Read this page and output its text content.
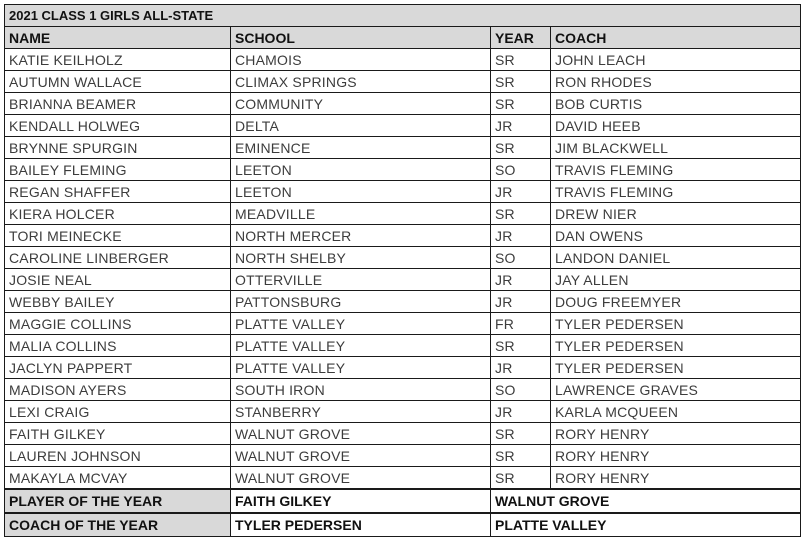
2021 CLASS 1 GIRLS ALL-STATE			
NAME	SCHOOL	YEAR	COACH
KATIE KEILHOLZ	CHAMOIS	SR	JOHN LEACH
AUTUMN WALLACE	CLIMAX SPRINGS	SR	RON RHODES
BRIANNA BEAMER	COMMUNITY	SR	BOB CURTIS
KENDALL HOLWEG	DELTA	JR	DAVID HEEB
BRYNNE SPURGIN	EMINENCE	SR	JIM BLACKWELL
BAILEY FLEMING	LEETON	SO	TRAVIS FLEMING
REGAN SHAFFER	LEETON	JR	TRAVIS FLEMING
KIERA HOLCER	MEADVILLE	SR	DREW NIER
TORI MEINECKE	NORTH MERCER	JR	DAN OWENS
CAROLINE LINBERGER	NORTH SHELBY	SO	LANDON DANIEL
JOSIE NEAL	OTTERVILLE	JR	JAY ALLEN
WEBBY BAILEY	PATTONSBURG	JR	DOUG FREEMYER
MAGGIE COLLINS	PLATTE VALLEY	FR	TYLER PEDERSEN
MALIA COLLINS	PLATTE VALLEY	SR	TYLER PEDERSEN
JACLYN PAPPERT	PLATTE VALLEY	JR	TYLER PEDERSEN
MADISON AYERS	SOUTH IRON	SO	LAWRENCE GRAVES
LEXI CRAIG	STANBERRY	JR	KARLA MCQUEEN
FAITH GILKEY	WALNUT GROVE	SR	RORY HENRY
LAUREN JOHNSON	WALNUT GROVE	SR	RORY HENRY
MAKAYLA MCVAY	WALNUT GROVE	SR	RORY HENRY
PLAYER OF THE YEAR	FAITH GILKEY	WALNUT GROVE	
COACH OF THE YEAR	TYLER PEDERSEN	PLATTE VALLEY	
